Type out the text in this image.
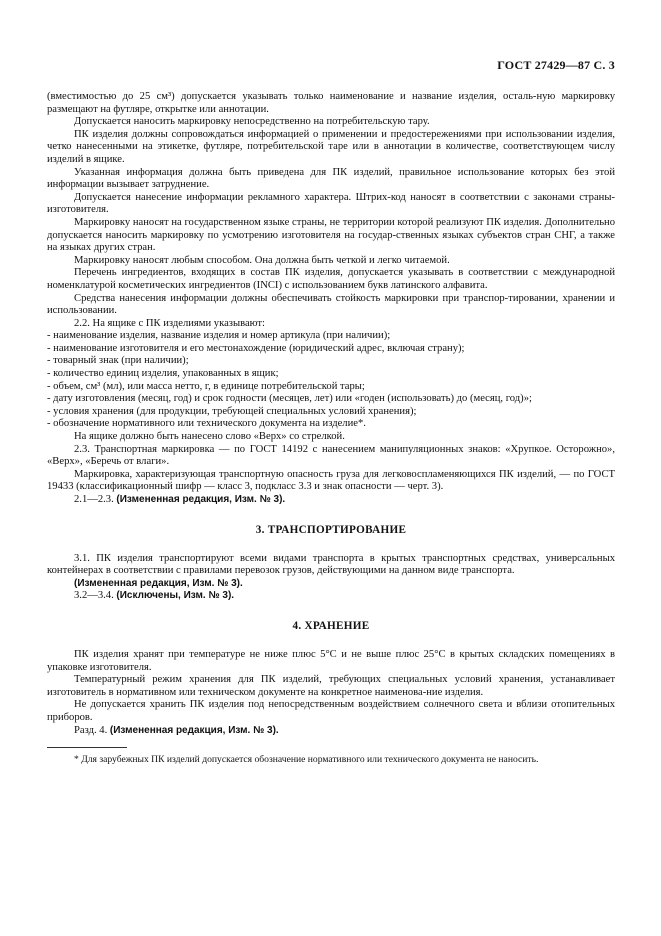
ГОСТ 27429—87 С. 3

(вместимостью до 25 см³) допускается указывать только наименование и название изделия, осталь-ную маркировку размещают на футляре, открытке или аннотации.

Допускается наносить маркировку непосредственно на потребительскую тару.

ПК изделия должны сопровождаться информацией о применении и предостережениями при использовании изделия, четко нанесенными на этикетке, футляре, потребительской таре или в аннотации в количестве, соответствующем числу изделий в ящике.

Указанная информация должна быть приведена для ПК изделий, правильное использование которых без этой информации вызывает затруднение.

Допускается нанесение информации рекламного характера. Штрих-код наносят в соответствии с законами страны-изготовителя.

Маркировку наносят на государственном языке страны, не территории которой реализуют ПК изделия. Дополнительно допускается наносить маркировку по усмотрению изготовителя на государ-ственных языках субъектов стран СНГ, а также на языках других стран.

Маркировку наносят любым способом. Она должна быть четкой и легко читаемой.

Перечень ингредиентов, входящих в состав ПК изделия, допускается указывать в соответствии с международной номенклатурой косметических ингредиентов (INCI) с использованием букв латинского алфавита.

Средства нанесения информации должны обеспечивать стойкость маркировки при транспор-тировании, хранении и использовании.

2.2. На ящике с ПК изделиями указывают:

- наименование изделия, название изделия и номер артикула (при наличии);

- наименование изготовителя и его местонахождение (юридический адрес, включая страну);

- товарный знак (при наличии);

- количество единиц изделия, упакованных в ящик;

- объем, см³ (мл), или масса нетто, г, в единице потребительской тары;

- дату изготовления (месяц, год) и срок годности (месяцев, лет) или «годен (использовать) до (месяц, год)»;

- условия хранения (для продукции, требующей специальных условий хранения);

- обозначение нормативного или технического документа на изделие*.

На ящике должно быть нанесено слово «Верх» со стрелкой.

2.3. Транспортная маркировка — по ГОСТ 14192 с нанесением манипуляционных знаков: «Хрупкое. Осторожно», «Верх», «Беречь от влаги».

Маркировка, характеризующая транспортную опасность груза для легковоспламеняющихся ПК изделий, — по ГОСТ 19433 (классификационный шифр — класс 3, подкласс 3.3 и знак опасности — черт. 3).

2.1—2.3. (Измененная редакция, Изм. № 3).

3. ТРАНСПОРТИРОВАНИЕ

3.1. ПК изделия транспортируют всеми видами транспорта в крытых транспортных средствах, универсальных контейнерах в соответствии с правилами перевозок грузов, действующими на данном виде транспорта.

(Измененная редакция, Изм. № 3).

3.2—3.4. (Исключены, Изм. № 3).

4. ХРАНЕНИЕ

ПК изделия хранят при температуре не ниже плюс 5°С и не выше плюс 25°С в крытых складских помещениях в упаковке изготовителя.

Температурный режим хранения для ПК изделий, требующих специальных условий хранения, устанавливает изготовитель в нормативном или техническом документе на конкретное наименова-ние изделия.

Не допускается хранить ПК изделия под непосредственным воздействием солнечного света и вблизи отопительных приборов.

Разд. 4. (Измененная редакция, Изм. № 3).

* Для зарубежных ПК изделий допускается обозначение нормативного или технического документа не наносить.
